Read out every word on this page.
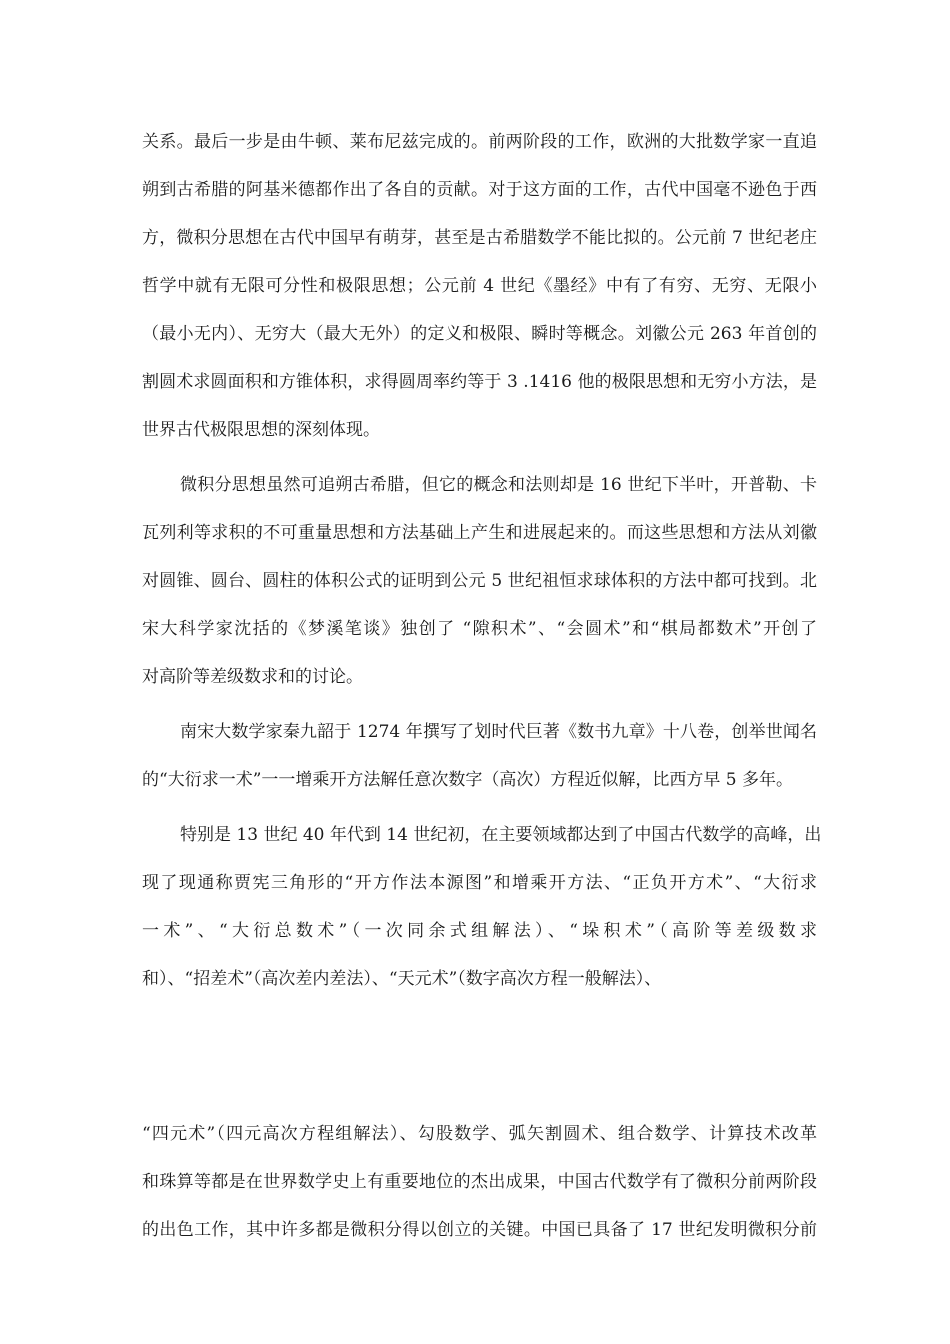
关系。最后一步是由牛顿、莱布尼兹完成的。前两阶段的工作，欧洲的大批数学家一直追
朔到古希腊的阿基米德都作出了各自的贡献。对于这方面的工作，古代中国毫不逊色于西
方，微积分思想在古代中国早有萌芽，甚至是古希腊数学不能比拟的。公元前 7 世纪老庄
哲学中就有无限可分性和极限思想；公元前 4 世纪《墨经》中有了有穷、无穷、无限小
（最小无内）、无穷大（最大无外）的定义和极限、瞬时等概念。刘徽公元 263 年首创的
割圆术求圆面积和方锥体积，求得圆周率约等于 3 .1416 他的极限思想和无穷小方法，是
世界古代极限思想的深刻体现。
微积分思想虽然可追朔古希腊，但它的概念和法则却是 16 世纪下半叶，开普勒、卡
瓦列利等求积的不可重量思想和方法基础上产生和进展起来的。而这些思想和方法从刘徽
对圆锥、圆台、圆柱的体积公式的证明到公元 5 世纪祖恒求球体积的方法中都可找到。北
宋大科学家沈括的《梦溪笔谈》独创了 “隙积术”、“会圆术”和“棋局都数术”开创了
对高阶等差级数求和的讨论。
南宋大数学家秦九韶于 1274 年撰写了划时代巨著《数书九章》十八卷，创举世闻名
的“大衍求一术”一一增乘开方法解任意次数字（高次）方程近似解，比西方早 5 多年。
特别是 13 世纪 40 年代到 14 世纪初，在主要领域都达到了中国古代数学的高峰，出
现了现通称贾宪三角形的“开方作法本源图”和增乘开方法、“正负开方术”、“大衍求
一术”、“大衍总数术”（一次同余式组解法）、“垛积术”（高阶等差级数求
和）、“招差术”（高次差内差法）、“天元术”（数字高次方程一般解法）、
“四元术”（四元高次方程组解法）、勾股数学、弧矢割圆术、组合数学、计算技术改革
和珠算等都是在世界数学史上有重要地位的杰出成果，中国古代数学有了微积分前两阶段
的出色工作，其中许多都是微积分得以创立的关键。中国已具备了 17 世纪发明微积分前
